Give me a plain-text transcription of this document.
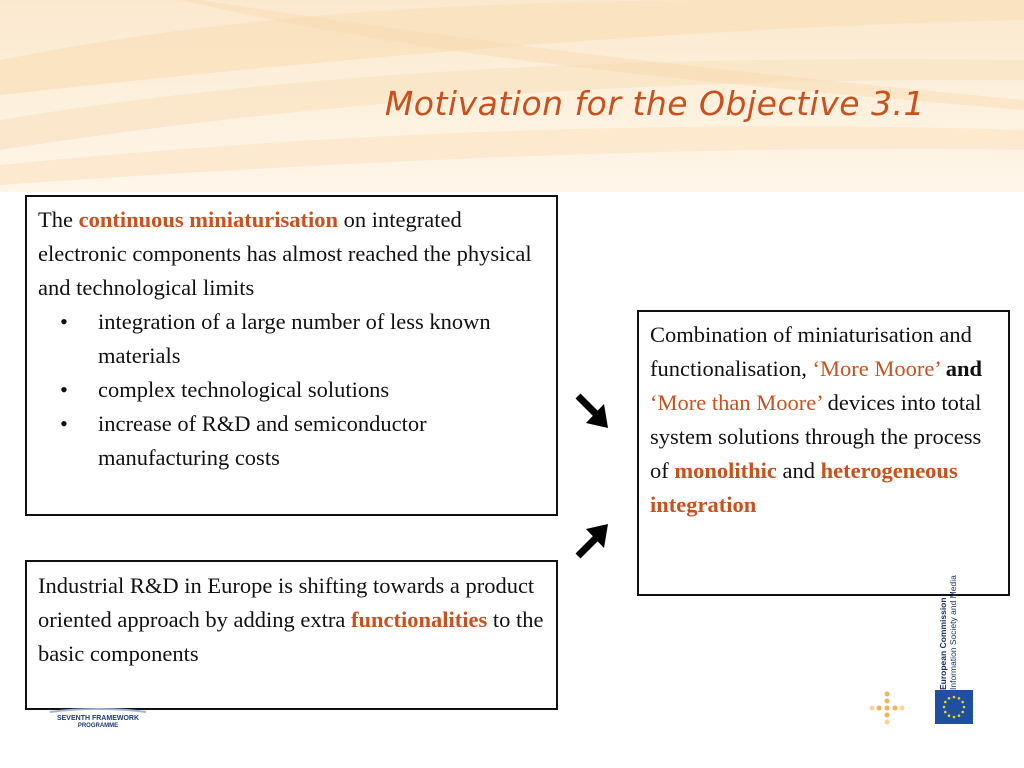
Motivation for the Objective 3.1

The continuous miniaturisation on integrated electronic components has almost reached the physical and technological limits

• integration of a large number of less known materials
• complex technological solutions
• increase of R&D and semiconductor manufacturing costs

Industrial R&D in Europe is shifting towards a product oriented approach by adding extra functionalities to the basic components

Combination of miniaturisation and functionalisation, ‘More Moore’ and ‘More than Moore’ devices into total system solutions through the process of monolithic and heterogeneous integration

European Commission Information Society and Media
SEVENTH FRAMEWORK
PROGRAMME
